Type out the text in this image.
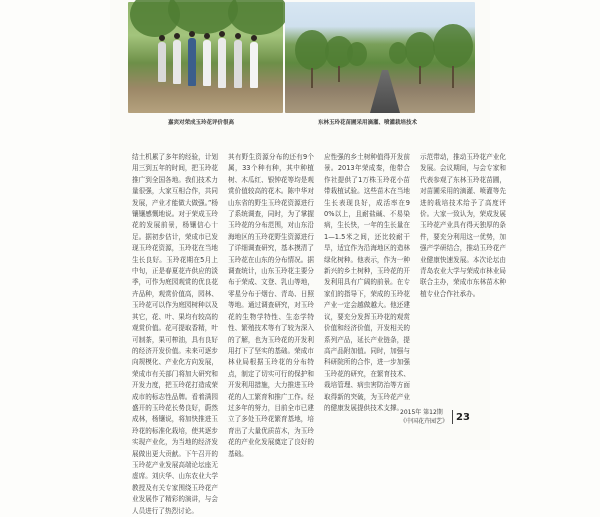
嘉宾对荣成玉玲花评价很高	东林玉玲花苗圃采用滴灌、喷灌栽培技术
结土机累了多年的经验，计划用三到五年的时间，把玉玲花推广到全国各地。我们技术力量很强，大家互相合作，共同发展，产业才能做大做强。”杨镶镶感慨地说。对于荣成玉玲花的发展前景，杨镶信心十足。据初步估计，荣成市已发现玉玲花资源，玉玲花在当地生长良好。玉玲花期在5月上中旬，正是春夏花卉供应的淡季，可作为庭园观赏的优良花卉品种，观赏价值高，园林、玉玲花可以作为庭园树种以及其它，花、叶、果均有较高的观赏价值。花可提取香精，叶可制茶，果可榨油，具有良好的经济开发价值。未来可逐步向规模化、产业化方向发展，荣成市有关部门将加大研究和开发力度，把玉玲花打造成荣成市的标志性品牌。看着满园盛开的玉玲花长势良好，蔚然成林，杨镶说，将加快推进玉玲花的标准化栽培，使其逐步实现产业化，为当地的经济发展做出更大贡献。下午召开的玉玲花产业发展高端论坛座无虚席。刘庆华、山东农业大学教授及有关专家围绕玉玲花产业发展作了精彩的演讲，与会人员进行了热烈讨论。
其有野生资源分布的还有9个属，33个种有种，其中种植树、木瓜红、银钟花等均是观赏价值较高的花木。陈中华对山东省的野生玉玲花资源进行了系统调查，同时，为了掌握玉玲花的分布范围，对山东沿海地区的玉玲花野生资源进行了详细调查研究，基本摸清了玉玲花在山东的分布情况。据调查统计，山东玉玲花主要分布于荣成、文登、乳山等地，零星分布于烟台、青岛、日照等地。通过调查研究，对玉玲花的生物学特性、生态学特性、繁殖技术等有了较为深入的了解，也为玉玲花的开发利用打下了坚实的基础。荣成市林业局根据玉玲花的分布特点，制定了切实可行的保护和开发利用措施，大力推进玉玲花的人工繁育和推广工作。经过多年的努力，目前全市已建立了多处玉玲花繁育基地，培育出了大量优质苗木，为玉玲花的产业化发展奠定了良好的基础。
应性强的乡土树种值得开发前景。2013年荣成秦，他带合作社提供了1万株玉玲花小苗带栽植试验。这些苗木在当地生长表现良好，成活率在90%以上，且耐盐碱、不易染病，生长快，一年的生长量在1—1.5米之间，还比较耐干旱，适宜作为沿海地区的造林绿化树种。他表示，作为一种新兴的乡土树种，玉玲花的开发利用具有广阔的前景。在专家们的指导下，荣成的玉玲花产业一定会越做越大。他还建议，要充分发挥玉玲花的观赏价值和经济价值，开发相关的系列产品，延长产业链条，提高产品附加值。同时，加强与科研院所的合作，进一步加强玉玲花的研究，在繁育技术、栽培管理、病虫害防治等方面取得新的突破，为玉玲花产业的健康发展提供技术支撑。
示范带动，推动玉玲花产业化发展。会议期间，与会专家和代表参观了东林玉玲花苗圃，对苗圃采用的滴灌、喷灌等先进的栽培技术给予了高度评价。大家一致认为，荣成发展玉玲花产业具有得天独厚的条件，要充分利用这一优势，加强产学研结合，推动玉玲花产业健康快速发展。本次论坛由青岛农业大学与荣成市林业局联合主办，荣成市东林苗木种植专业合作社承办。
2015年 第12期
《中国花卉园艺》 23
